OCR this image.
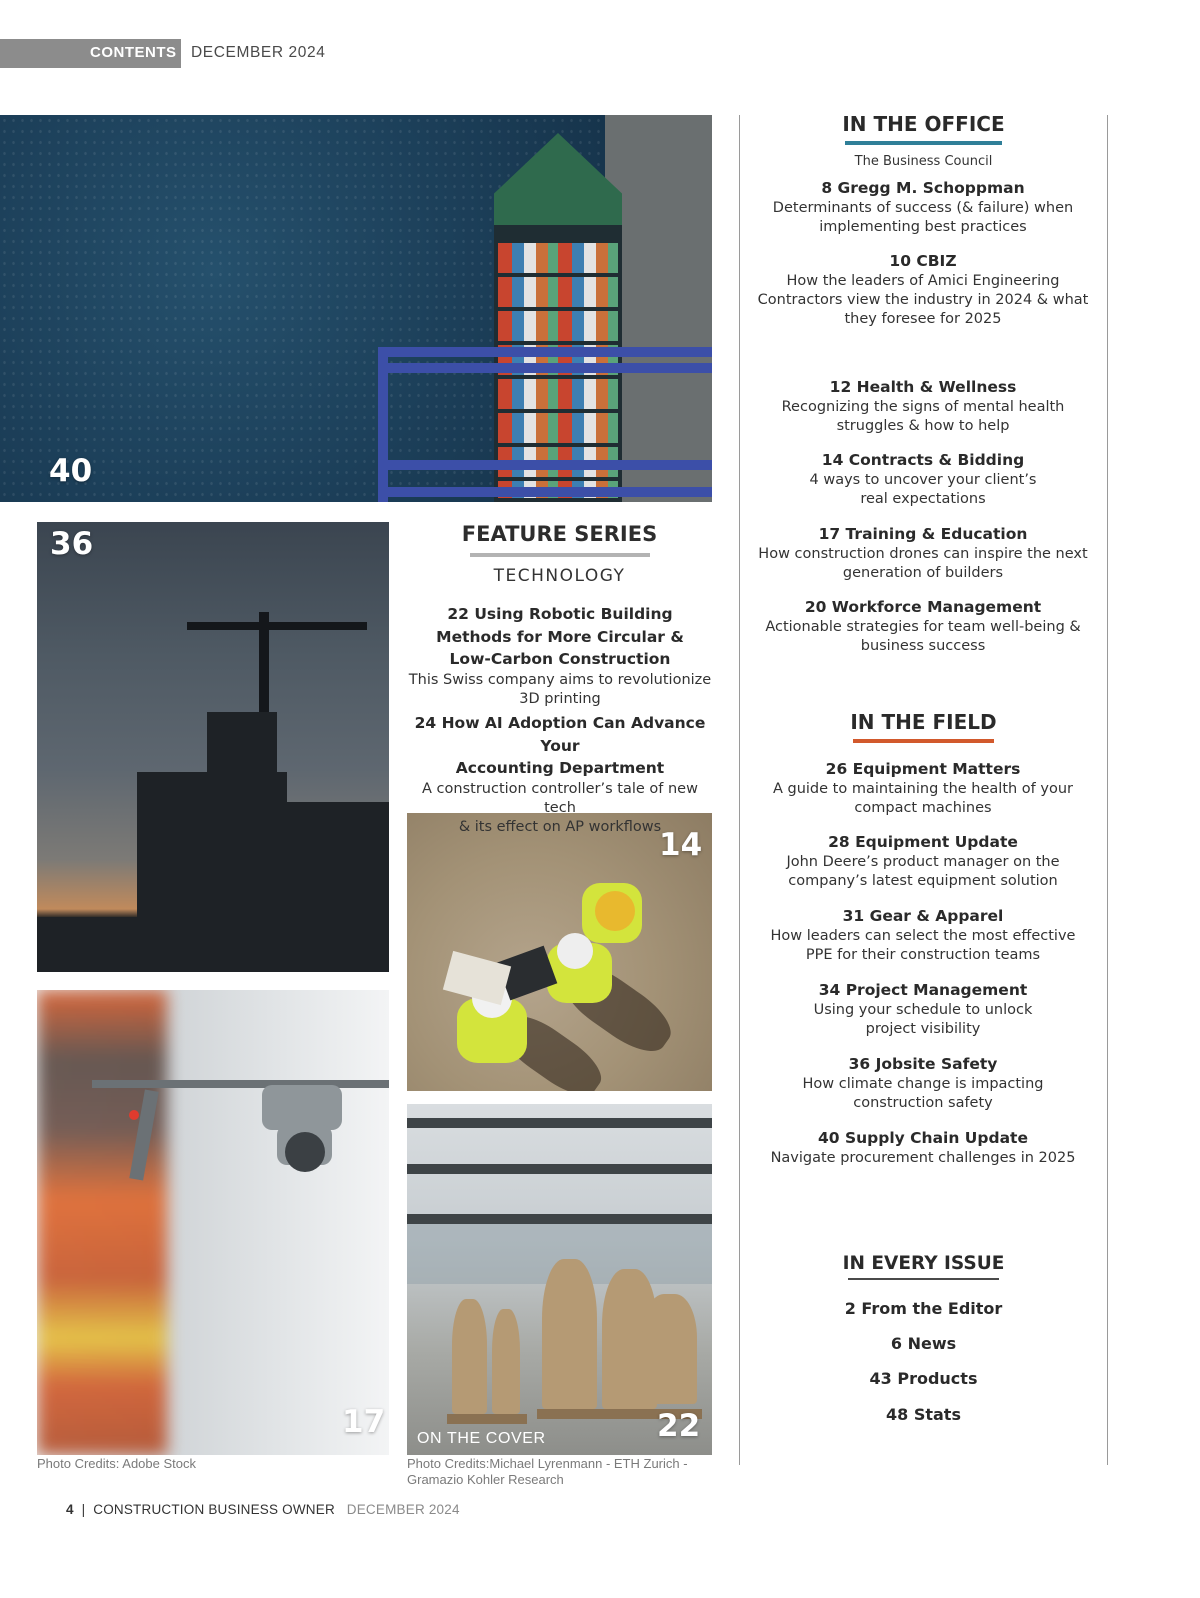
CONTENTS DECEMBER 2024
40
36
14
17 ON THE COVER	22
Photo Credits: Adobe Stock	Photo Credits:Michael Lyrenmann - ETH Zurich -
Gramazio Kohler Research
FEATURE SERIES
TECHNOLOGY
22 Using Robotic Building
Methods for More Circular &
Low-Carbon Construction
This Swiss company aims to revolutionize
3D printing
24 How AI Adoption Can Advance Your
Accounting Department
A construction controller’s tale of new tech
& its effect on AP workflows
IN THE OFFICE
The Business Council
8 Gregg M. Schoppman
Determinants of success (& failure) when
implementing best practices
10 CBIZ
How the leaders of Amici Engineering
Contractors view the industry in 2024 & what
they foresee for 2025
12 Health & Wellness
Recognizing the signs of mental health
struggles & how to help
14 Contracts & Bidding
4 ways to uncover your client’s
real expectations
17 Training & Education
How construction drones can inspire the next
generation of builders
20 Workforce Management
Actionable strategies for team well-being &
business success
IN THE FIELD
26 Equipment Matters
A guide to maintaining the health of your
compact machines
28 Equipment Update
John Deere’s product manager on the
company’s latest equipment solution
31 Gear & Apparel
How leaders can select the most effective
PPE for their construction teams
34 Project Management
Using your schedule to unlock
project visibility
36 Jobsite Safety
How climate change is impacting
construction safety
40 Supply Chain Update
Navigate procurement challenges in 2025
IN EVERY ISSUE
2 From the Editor
6 News
43 Products
48 Stats
4 | CONSTRUCTION BUSINESS OWNER DECEMBER 2024
